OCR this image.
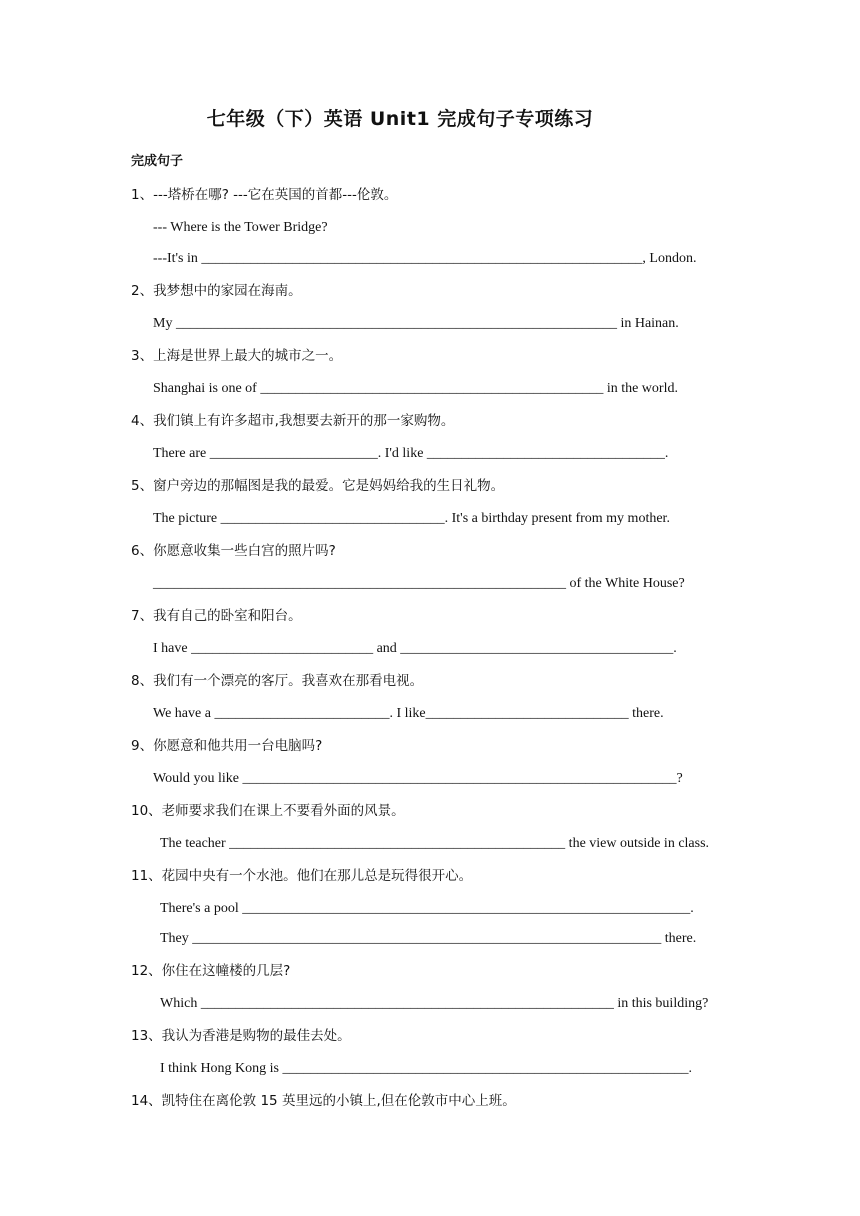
七年级（下）英语 Unit1 完成句子专项练习
完成句子
1、---塔桥在哪? ---它在英国的首都---伦敦。
--- Where is the Tower Bridge?
---It's in _______________________________________________________________, London.
2、我梦想中的家园在海南。
My _______________________________________________________________ in Hainan.
3、上海是世界上最大的城市之一。
Shanghai is one of _________________________________________________ in the world.
4、我们镇上有许多超市,我想要去新开的那一家购物。
There are ________________________. I'd like __________________________________.
5、窗户旁边的那幅图是我的最爱。它是妈妈给我的生日礼物。
The picture ________________________________. It's a birthday present from my mother.
6、你愿意收集一些白宫的照片吗?
___________________________________________________________ of the White House?
7、我有自己的卧室和阳台。
I have __________________________ and _______________________________________.
8、我们有一个漂亮的客厅。我喜欢在那看电视。
We have a _________________________. I like_____________________________ there.
9、你愿意和他共用一台电脑吗?
Would you like ______________________________________________________________?
10、老师要求我们在课上不要看外面的风景。
The teacher ________________________________________________ the view outside in class.
11、花园中央有一个水池。他们在那儿总是玩得很开心。
There's a pool ________________________________________________________________.
They ___________________________________________________________________ there.
12、你住在这幢楼的几层?
Which ___________________________________________________________ in this building?
13、我认为香港是购物的最佳去处。
I think Hong Kong is __________________________________________________________.
14、凯特住在离伦敦 15 英里远的小镇上,但在伦敦市中心上班。
